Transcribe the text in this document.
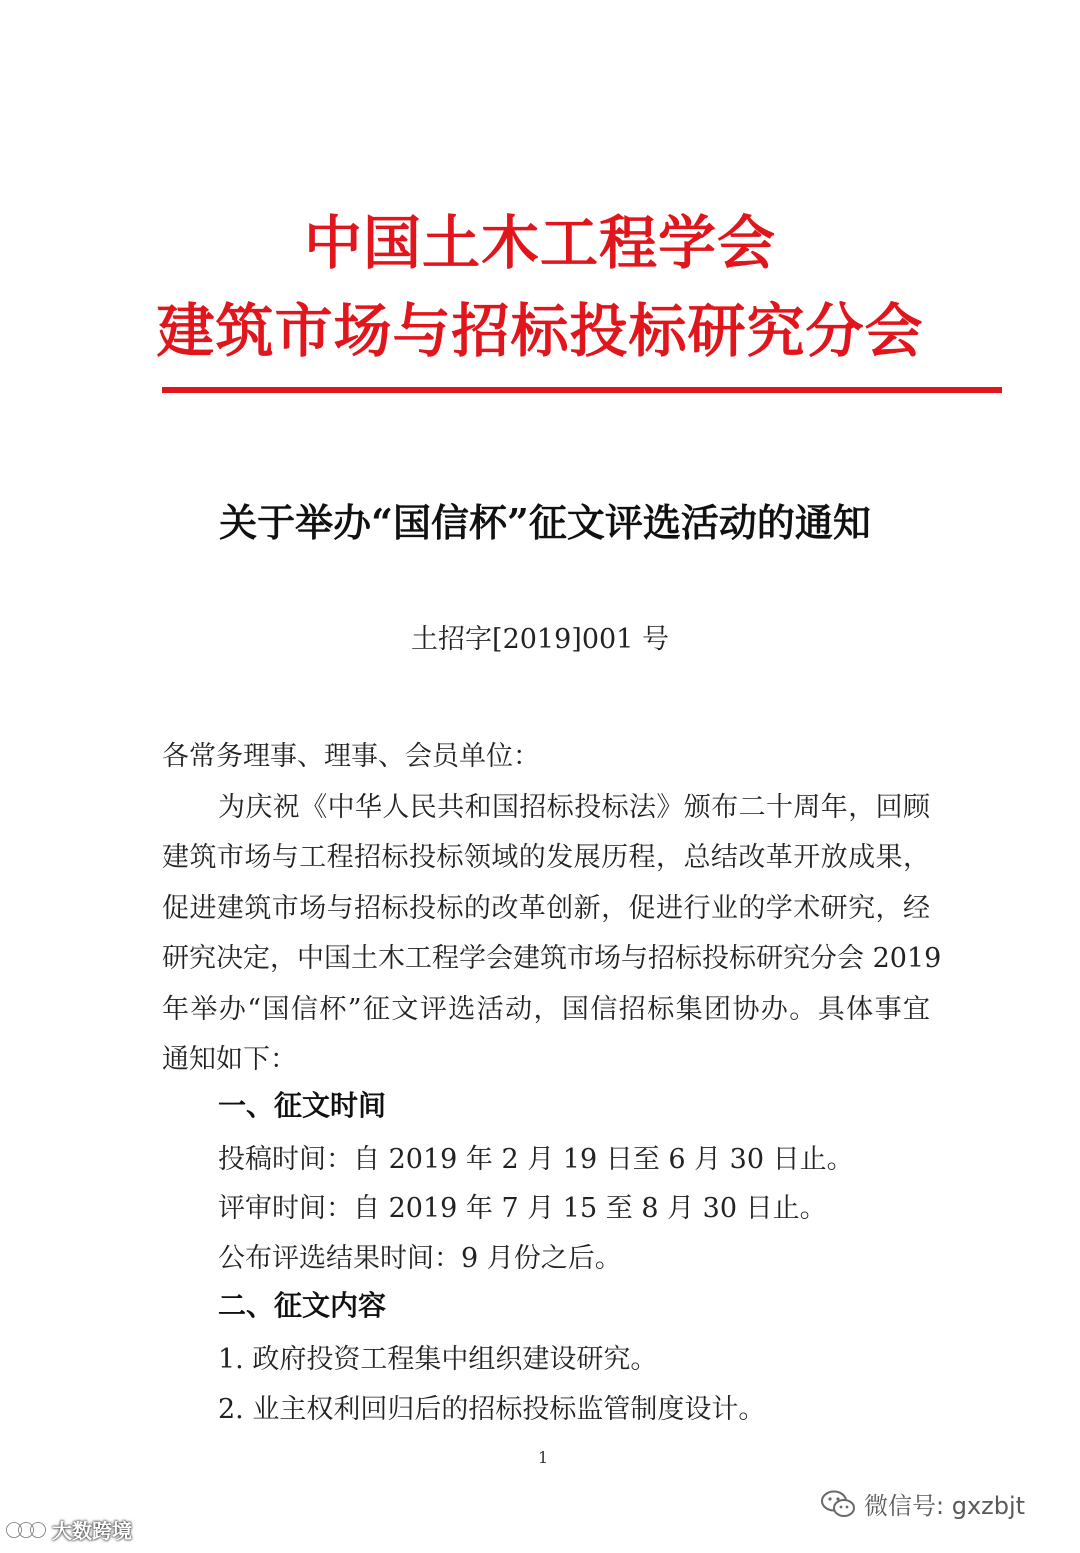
中国土木工程学会
建筑市场与招标投标研究分会
关于举办“国信杯”征文评选活动的通知
土招字[2019]001 号
各常务理事、理事、会员单位：
为庆祝《中华人民共和国招标投标法》颁布二十周年，回顾
建筑市场与工程招标投标领域的发展历程，总结改革开放成果，
促进建筑市场与招标投标的改革创新，促进行业的学术研究，经
研究决定，中国土木工程学会建筑市场与招标投标研究分会 2019
年举办“国信杯”征文评选活动，国信招标集团协办。具体事宜
通知如下：
一、征文时间
投稿时间：自 2019 年 2 月 19 日至 6 月 30 日止。
评审时间：自 2019 年 7 月 15 至 8 月 30 日止。
公布评选结果时间：9 月份之后。
二、征文内容
1. 政府投资工程集中组织建设研究。
2. 业主权利回归后的招标投标监管制度设计。
1
大数跨境
微信号: gxzbjt
